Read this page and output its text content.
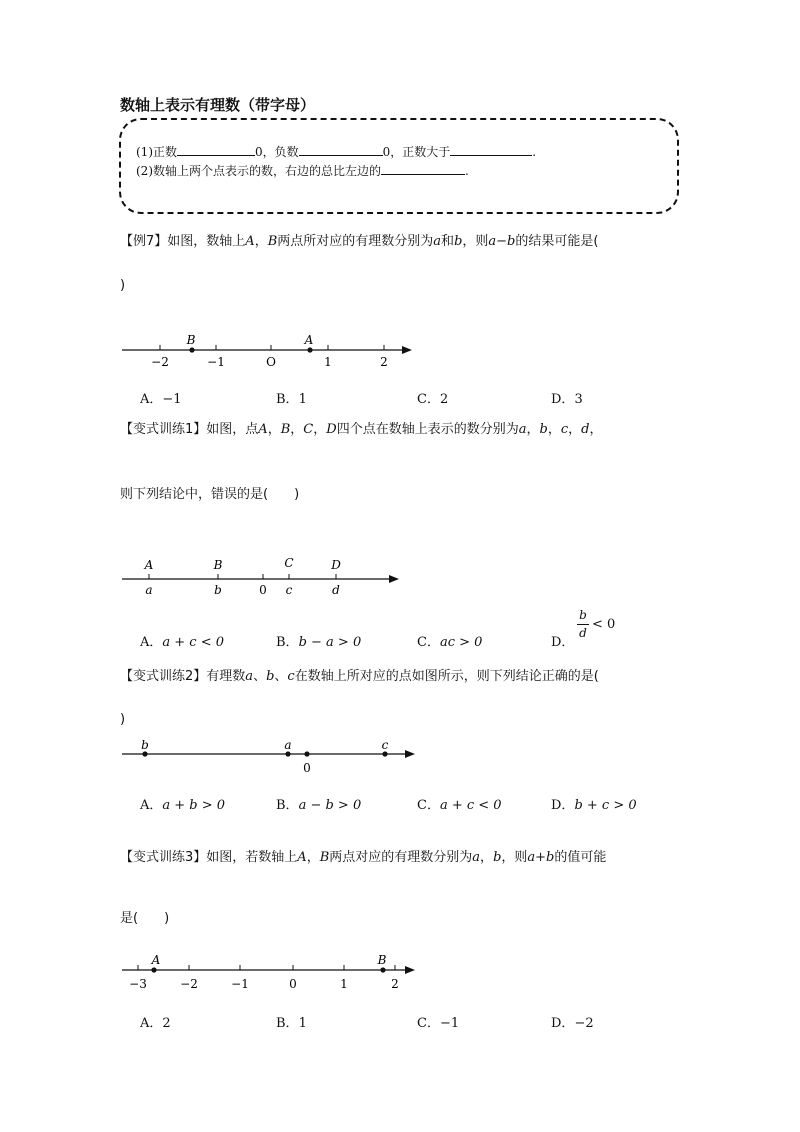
数轴上表示有理数（带字母）
(1)正数	0，负数	0，正数大于	.
(2)数轴上两个点表示的数，右边的总比左边的	.
【例7】如图，数轴上A，B两点所对应的有理数分别为a和b，则a−b的结果可能是(
)
−2	−1	O	1	2
B	A
A．−1	B．1	C．2	D．3
【变式训练1】如图，点A，B，C，D四个点在数轴上表示的数分别为a，b，c，d，
则下列结论中，错误的是(　　)
A	B	C	D
a	b	0 c	d
A．a + c < 0	B．b − a > 0	C．ac > 0	D．
b
d
< 0
【变式训练2】有理数a、b、c在数轴上所对应的点如图所示，则下列结论正确的是(
)
b	a
0
c
A．a + b > 0	B．a − b > 0	C．a + c < 0	D．b + c > 0
【变式训练3】如图，若数轴上A，B两点对应的有理数分别为a，b，则a+b的值可能
是(　　)
−3	−2	−1	0	1	2
A	B
A．2	B．1	C．−1	D．−2
